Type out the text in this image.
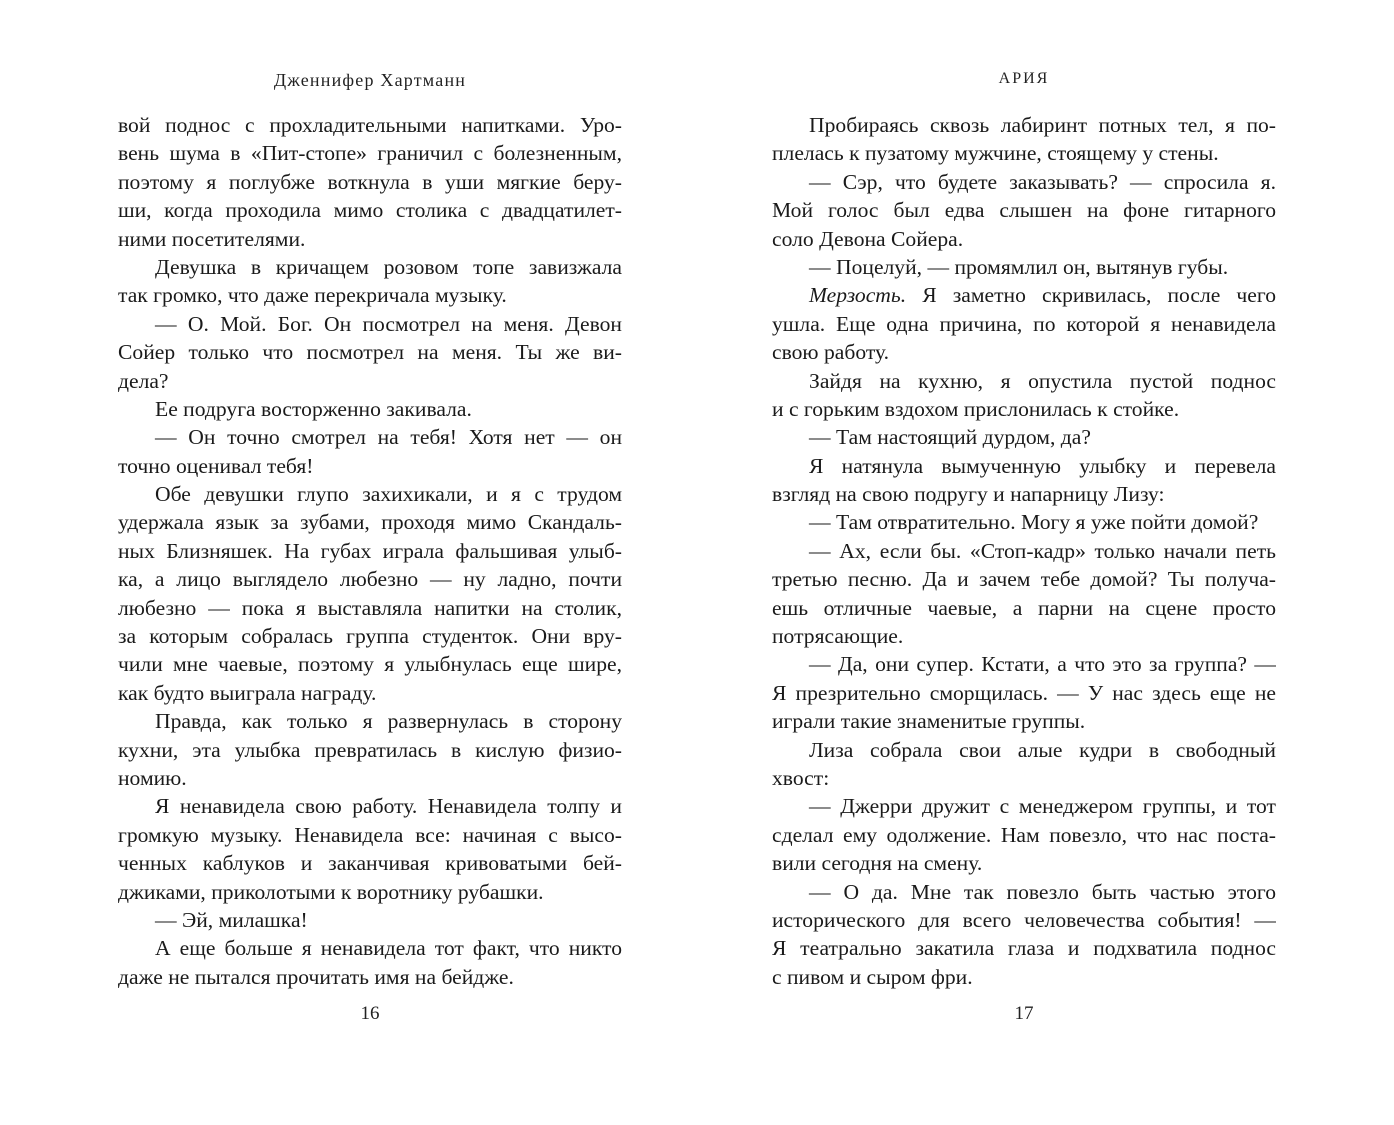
Дженнифер Хартманн
вой поднос с прохладительными напитками. Уро-
вень шума в «Пит-стопе» граничил с болезненным,
поэтому я поглубже воткнула в уши мягкие беру-
ши, когда проходила мимо столика с двадцатилет-
ними посетителями.
Девушка в кричащем розовом топе завизжала
так громко, что даже перекричала музыку.
— О. Мой. Бог. Он посмотрел на меня. Девон
Сойер только что посмотрел на меня. Ты же ви-
дела?
Ее подруга восторженно закивала.
— Он точно смотрел на тебя! Хотя нет — он
точно оценивал тебя!
Обе девушки глупо захихикали, и я с трудом
удержала язык за зубами, проходя мимо Скандаль-
ных Близняшек. На губах играла фальшивая улыб-
ка, а лицо выглядело любезно — ну ладно, почти
любезно — пока я выставляла напитки на столик,
за которым собралась группа студенток. Они вру-
чили мне чаевые, поэтому я улыбнулась еще шире,
как будто выиграла награду.
Правда, как только я развернулась в сторону
кухни, эта улыбка превратилась в кислую физио-
номию.
Я ненавидела свою работу. Ненавидела толпу и
громкую музыку. Ненавидела все: начиная с высо-
ченных каблуков и заканчивая кривоватыми бей-
джиками, приколотыми к воротнику рубашки.
— Эй, милашка!
А еще больше я ненавидела тот факт, что никто
даже не пытался прочитать имя на бейдже.
16
АРИЯ
Пробираясь сквозь лабиринт потных тел, я по-
плелась к пузатому мужчине, стоящему у стены.
— Сэр, что будете заказывать? — спросила я.
Мой голос был едва слышен на фоне гитарного
соло Девона Сойера.
— Поцелуй, — промямлил он, вытянув губы.
Мерзость. Я заметно скривилась, после чего
ушла. Еще одна причина, по которой я ненавидела
свою работу.
Зайдя на кухню, я опустила пустой поднос
и с горьким вздохом прислонилась к стойке.
— Там настоящий дурдом, да?
Я натянула вымученную улыбку и перевела
взгляд на свою подругу и напарницу Лизу:
— Там отвратительно. Могу я уже пойти домой?
— Ах, если бы. «Стоп-кадр» только начали петь
третью песню. Да и зачем тебе домой? Ты получа-
ешь отличные чаевые, а парни на сцене просто
потрясающие.
— Да, они супер. Кстати, а что это за группа? —
Я презрительно сморщилась. — У нас здесь еще не
играли такие знаменитые группы.
Лиза собрала свои алые кудри в свободный
хвост:
— Джерри дружит с менеджером группы, и тот
сделал ему одолжение. Нам повезло, что нас поста-
вили сегодня на смену.
— О да. Мне так повезло быть частью этого
исторического для всего человечества события! —
Я театрально закатила глаза и подхватила поднос
с пивом и сыром фри.
17
